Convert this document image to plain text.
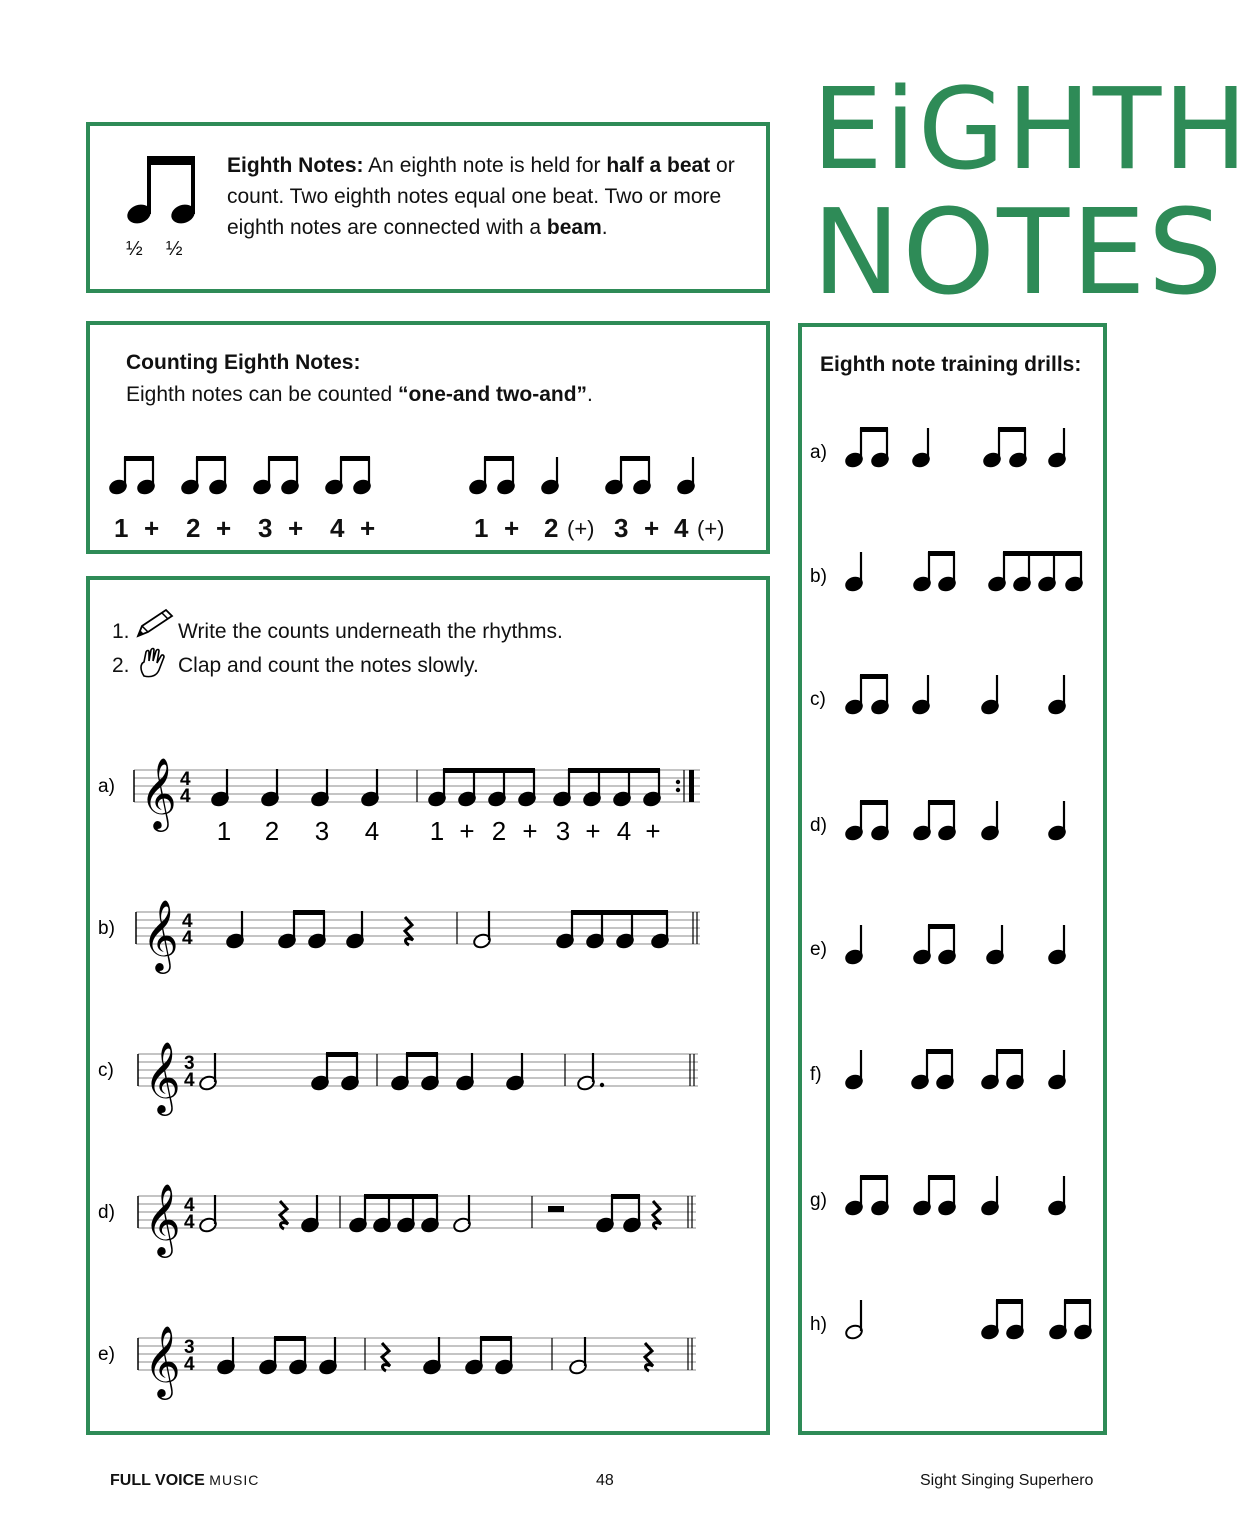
EiGHTH
NOTES
½ ½
Eighth Notes: An eighth note is held for half a beat or count. Two eighth notes equal one beat. Two or more eighth notes are connected with a beam.
Counting Eighth Notes:
Eighth notes can be counted “one-and two-and”.
1 + 2 + 3 + 4 +	1 + 2 (+) 3 + 4 (+)
1. Write the counts underneath the rhythms.
2. Clap and count the notes slowly.
a) 𝄞 4
4
1 2 3 4 1 + 2 + 3 + 4 +
b) 𝄞 4
4
c) 𝄞 3
4
d) 𝄞 4
4
e) 𝄞 3
4
Eighth note training drills:
a)
b)
c)
d)
e)
f)
g)
h)
FULL VOICE MUSIC	48	Sight Singing Superhero
